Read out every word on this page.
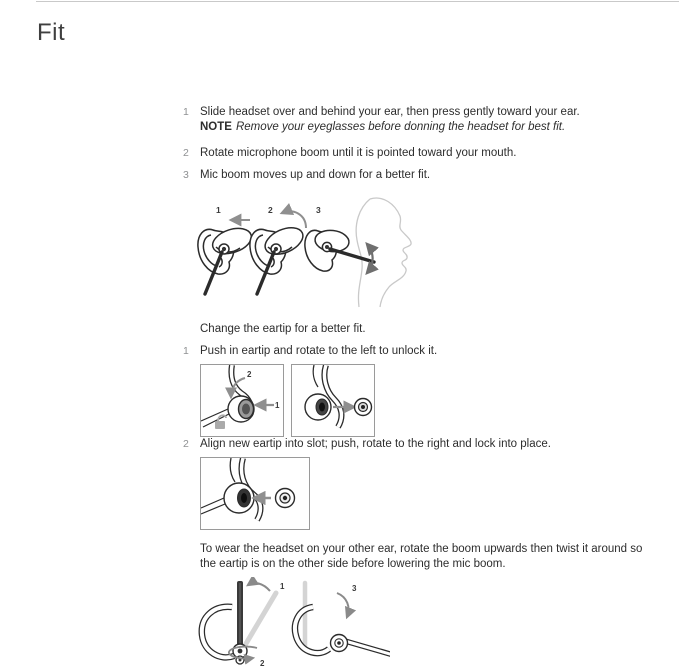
Fit
1 Slide headset over and behind your ear, then press gently toward your ear.
NOTE Remove your eyeglasses before donning the headset for best fit.
2 Rotate microphone boom until it is pointed toward your mouth.
3 Mic boom moves up and down for a better fit.
1	2	3
Change the eartip for a better fit.
1 Push in eartip and rotate to the left to unlock it.
1
2

2 Align new eartip into slot; push, rotate to the right and lock into place.
To wear the headset on your other ear, rotate the boom upwards then twist it around so the eartip is on the other side before lowering the mic boom.
1
2
3
